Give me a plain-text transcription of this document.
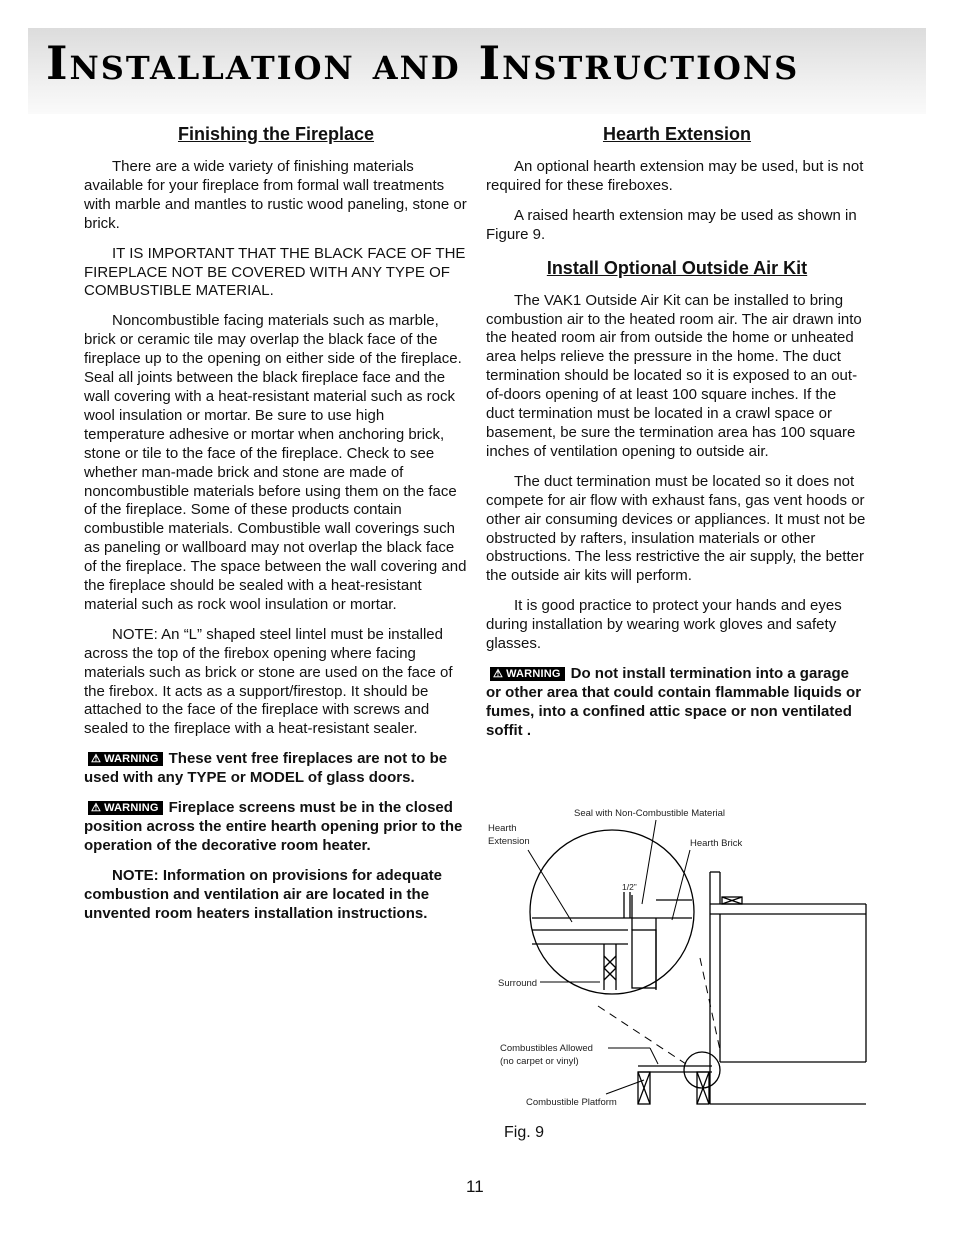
Installation and Instructions
Finishing the Fireplace

There are a wide variety of finishing materials available for your fireplace from formal wall treatments with marble and mantles to rustic wood paneling, stone or brick.

IT IS IMPORTANT THAT THE BLACK FACE OF THE FIREPLACE NOT BE COVERED WITH ANY TYPE OF COMBUSTIBLE MATERIAL.

Noncombustible facing materials such as marble, brick or ceramic tile may overlap the black face of the fireplace up to the opening on either side of the fireplace. Seal all joints between the black fireplace face and the wall covering with a heat-resistant material such as rock wool insulation or mortar. Be sure to use high temperature adhesive or mortar when anchoring brick, stone or tile to the face of the fireplace. Check to see whether man-made brick and stone are made of noncombustible materials before using them on the face of the fireplace. Some of these products contain combustible materials. Combustible wall coverings such as paneling or wallboard may not overlap the black face of the fireplace. The space between the wall covering and the fireplace should be sealed with a heat-resistant material such as rock wool insulation or mortar.

NOTE: An “L” shaped steel lintel must be installed across the top of the firebox opening where facing materials such as brick or stone are used on the face of the firebox. It acts as a support/firestop. It should be attached to the face of the fireplace with screws and sealed to the fireplace with a heat-resistant sealer.

⚠ WARNING These vent free fireplaces are not to be used with any TYPE or MODEL of glass doors.

⚠ WARNING Fireplace screens must be in the closed position across the entire hearth opening prior to the operation of the decorative room heater.

NOTE: Information on provisions for adequate combustion and ventilation air are located in the unvented room heaters installation instructions.

Hearth Extension

An optional hearth extension may be used, but is not required for these fireboxes.

A raised hearth extension may be used as shown in Figure 9.

Install Optional Outside Air Kit

The VAK1 Outside Air Kit can be installed to bring combustion air to the heated room air. The air drawn into the heated room air from outside the home or unheated area helps relieve the pressure in the home. The duct termination should be located so it is exposed to an out-of-doors opening of at least 100 square inches. If the duct termination must be located in a crawl space or basement, be sure the termination area has 100 square inches of ventilation opening to outside air.

The duct termination must be located so it does not compete for air flow with exhaust fans, gas vent hoods or other air consuming devices or appliances. It must not be obstructed by rafters, insulation materials or other obstructions. The less restrictive the air supply, the better the outside air kits will perform.

It is good practice to protect your hands and eyes during installation by wearing work gloves and safety glasses.

⚠ WARNING Do not install termination into a garage or other area that could contain flammable liquids or fumes, into a confined attic space or non ventilated soffit .

Seal with Non-Combustible Material
Hearth
Extension	Hearth Brick
1/2”
Surround
Combustibles Allowed
(no carpet or vinyl)
Combustible Platform
Fig. 9
11
